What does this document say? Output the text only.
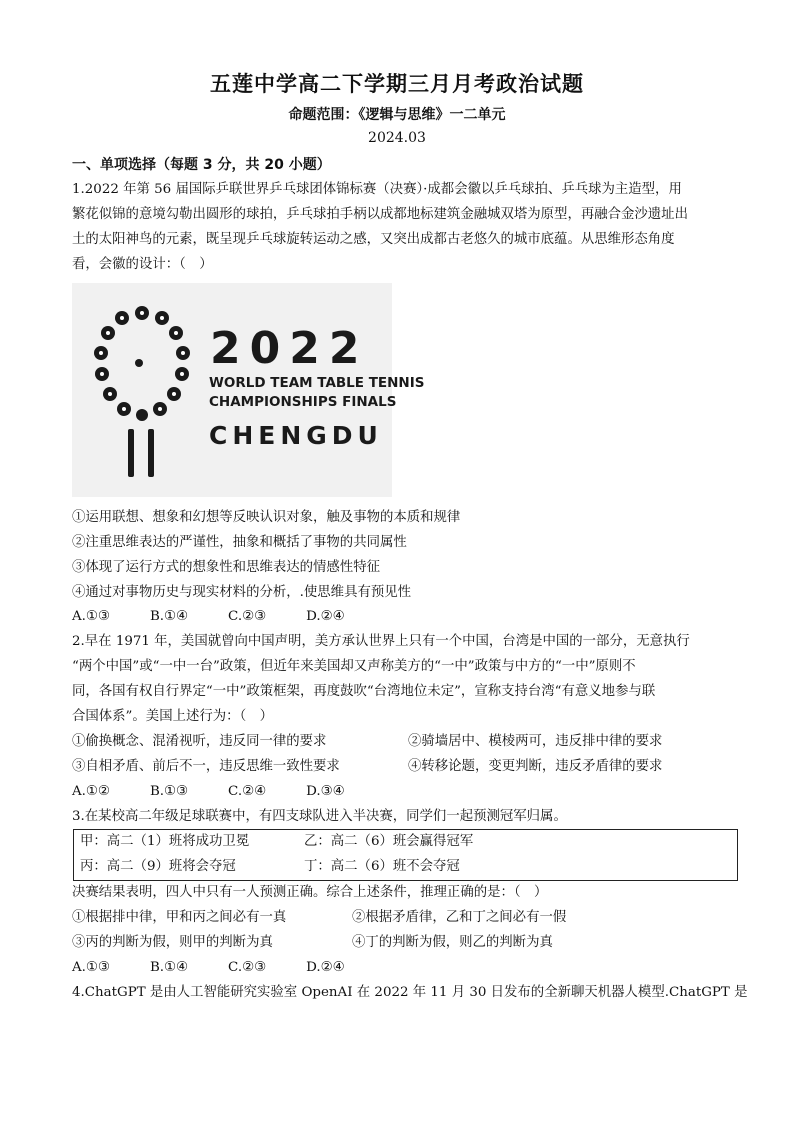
五莲中学高二下学期三月月考政治试题
命题范围：《逻辑与思维》一二单元
2024.03
一、单项选择（每题 3 分，共 20 小题）
1.2022 年第 56 届国际乒联世界乒乓球团体锦标赛（决赛）·成都会徽以乒乓球拍、乒乓球为主造型，用
繁花似锦的意境勾勒出圆形的球拍，乒乓球拍手柄以成都地标建筑金融城双塔为原型，再融合金沙遗址出
土的太阳神鸟的元素，既呈现乒乓球旋转运动之感，又突出成都古老悠久的城市底蕴。从思维形态角度
看，会徽的设计：（　）
2022
WORLD TEAM TABLE TENNIS
CHAMPIONSHIPS FINALS
CHENGDU
①运用联想、想象和幻想等反映认识对象，触及事物的本质和规律
②注重思维表达的严谨性，抽象和概括了事物的共同属性
③体现了运行方式的想象性和思维表达的情感性特征
④通过对事物历史与现实材料的分析，.使思维具有预见性
A.①③	B.①④	C.②③	D.②④
2.早在 1971 年，美国就曾向中国声明，美方承认世界上只有一个中国，台湾是中国的一部分，无意执行
“两个中国”或“一中一台”政策，但近年来美国却又声称美方的“一中”政策与中方的“一中”原则不
同，各国有权自行界定“一中”政策框架，再度鼓吹“台湾地位未定”，宣称支持台湾“有意义地参与联
合国体系”。美国上述行为：（　）
①偷换概念、混淆视听，违反同一律的要求	②骑墙居中、模棱两可，违反排中律的要求
③自相矛盾、前后不一，违反思维一致性要求	④转移论题，变更判断，违反矛盾律的要求
A.①②	B.①③	C.②④	D.③④
3.在某校高二年级足球联赛中，有四支球队进入半决赛，同学们一起预测冠军归属。
甲：高二（1）班将成功卫冕	乙：高二（6）班会赢得冠军
丙：高二（9）班将会夺冠	丁：高二（6）班不会夺冠
决赛结果表明，四人中只有一人预测正确。综合上述条件，推理正确的是：（　）
①根据排中律，甲和丙之间必有一真	②根据矛盾律，乙和丁之间必有一假
③丙的判断为假，则甲的判断为真	④丁的判断为假，则乙的判断为真
A.①③	B.①④	C.②③	D.②④
4.ChatGPT 是由人工智能研究实验室 OpenAI 在 2022 年 11 月 30 日发布的全新聊天机器人模型.ChatGPT 是
